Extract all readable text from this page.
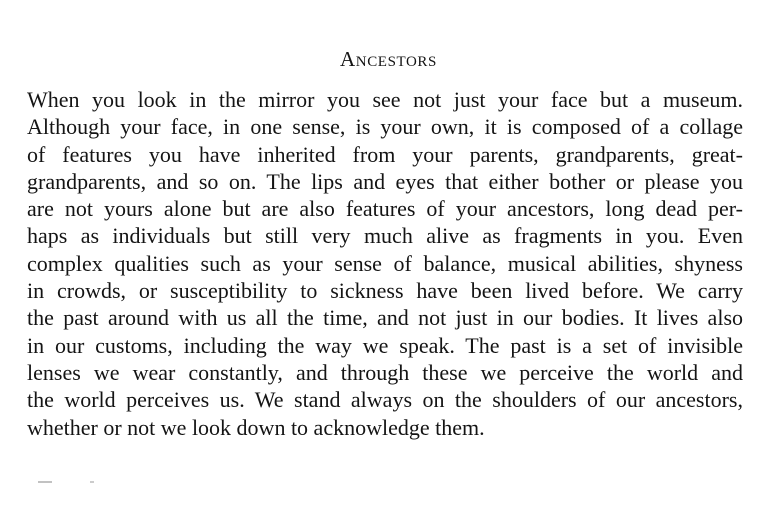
Ancestors
When you look in the mirror you see not just your face but a museum.
Although your face, in one sense, is your own, it is composed of a collage
of features you have inherited from your parents, grandparents, great-
grandparents, and so on. The lips and eyes that either bother or please you
are not yours alone but are also features of your ancestors, long dead per-
haps as individuals but still very much alive as fragments in you. Even
complex qualities such as your sense of balance, musical abilities, shyness
in crowds, or susceptibility to sickness have been lived before. We carry
the past around with us all the time, and not just in our bodies. It lives also
in our customs, including the way we speak. The past is a set of invisible
lenses we wear constantly, and through these we perceive the world and
the world perceives us. We stand always on the shoulders of our ancestors,
whether or not we look down to acknowledge them.
